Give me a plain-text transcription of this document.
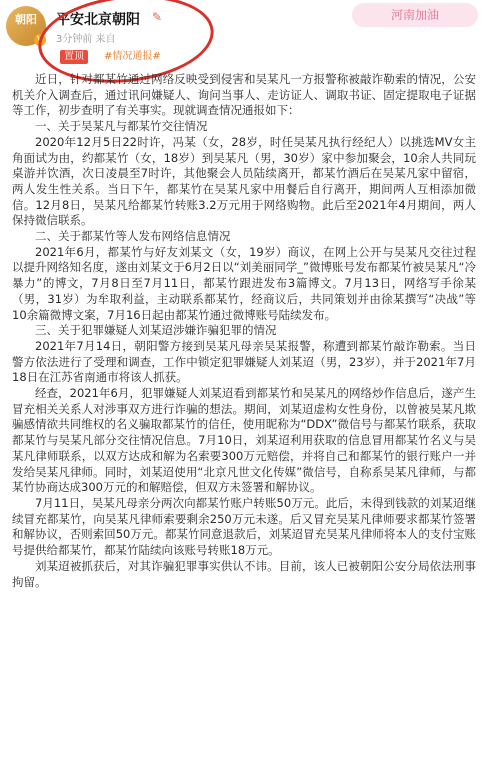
朝阳
V
平安北京朝阳 ✎
3分钟前 来自
河南加油
置顶	#情况通报#

近日，针对都某竹通过网络反映受到侵害和吴某凡一方报警称被敲诈勒索的情况，公安机关介入调查后，通过讯问嫌疑人、询问当事人、走访证人、调取书证、固定提取电子证据等工作，初步查明了有关事实。现就调查情况通报如下：

一、关于吴某凡与都某竹交往情况

2020年12月5日22时许，冯某（女，28岁，时任吴某凡执行经纪人）以挑选MV女主角面试为由，约都某竹（女，18岁）到吴某凡（男，30岁）家中参加聚会，10余人共同玩桌游并饮酒，次日凌晨至7时许，其他聚会人员陆续离开，都某竹酒后在吴某凡家中留宿，两人发生性关系。当日下午，都某竹在吴某凡家中用餐后自行离开，期间两人互相添加微信。12月8日，吴某凡给都某竹转账3.2万元用于网络购物。此后至2021年4月期间，两人保持微信联系。

二、关于都某竹等人发布网络信息情况

2021年6月，都某竹与好友刘某文（女，19岁）商议，在网上公开与吴某凡交往过程以提升网络知名度，遂由刘某文于6月2日以“刘美丽同学_”微博账号发布都某竹被吴某凡“冷暴力”的博文，7月8日至7月11日，都某竹跟进发布3篇博文。7月13日，网络写手徐某（男，31岁）为牟取利益，主动联系都某竹，经商议后，共同策划并由徐某撰写“决战”等10余篇微博文案，7月16日起由都某竹通过微博账号陆续发布。

三、关于犯罪嫌疑人刘某迢涉嫌诈骗犯罪的情况

2021年7月14日，朝阳警方接到吴某凡母亲吴某报警，称遭到都某竹敲诈勒索。当日警方依法进行了受理和调查，工作中锁定犯罪嫌疑人刘某迢（男，23岁），并于2021年7月18日在江苏省南通市将该人抓获。

经查，2021年6月，犯罪嫌疑人刘某迢看到都某竹和吴某凡的网络炒作信息后，遂产生冒充相关关系人对涉事双方进行诈骗的想法。期间，刘某迢虚构女性身份，以曾被吴某凡欺骗感情欲共同维权的名义骗取都某竹的信任，使用昵称为“DDX”微信号与都某竹联系，获取都某竹与吴某凡部分交往情况信息。7月10日，刘某迢利用获取的信息冒用都某竹名义与吴某凡律师联系，以双方达成和解为名索要300万元赔偿，并将自己和都某竹的银行账户一并发给吴某凡律师。同时，刘某迢使用“北京凡世文化传媒”微信号，自称系吴某凡律师，与都某竹协商达成300万元的和解赔偿，但双方未签署和解协议。

7月11日，吴某凡母亲分两次向都某竹账户转账50万元。此后，未得到钱款的刘某迢继续冒充都某竹，向吴某凡律师索要剩余250万元未遂。后又冒充吴某凡律师要求都某竹签署和解协议，否则索回50万元。都某竹同意退款后，刘某迢冒充吴某凡律师将本人的支付宝账号提供给都某竹，都某竹陆续向该账号转账18万元。

刘某迢被抓获后，对其诈骗犯罪事实供认不讳。目前，该人已被朝阳公安分局依法刑事拘留。
